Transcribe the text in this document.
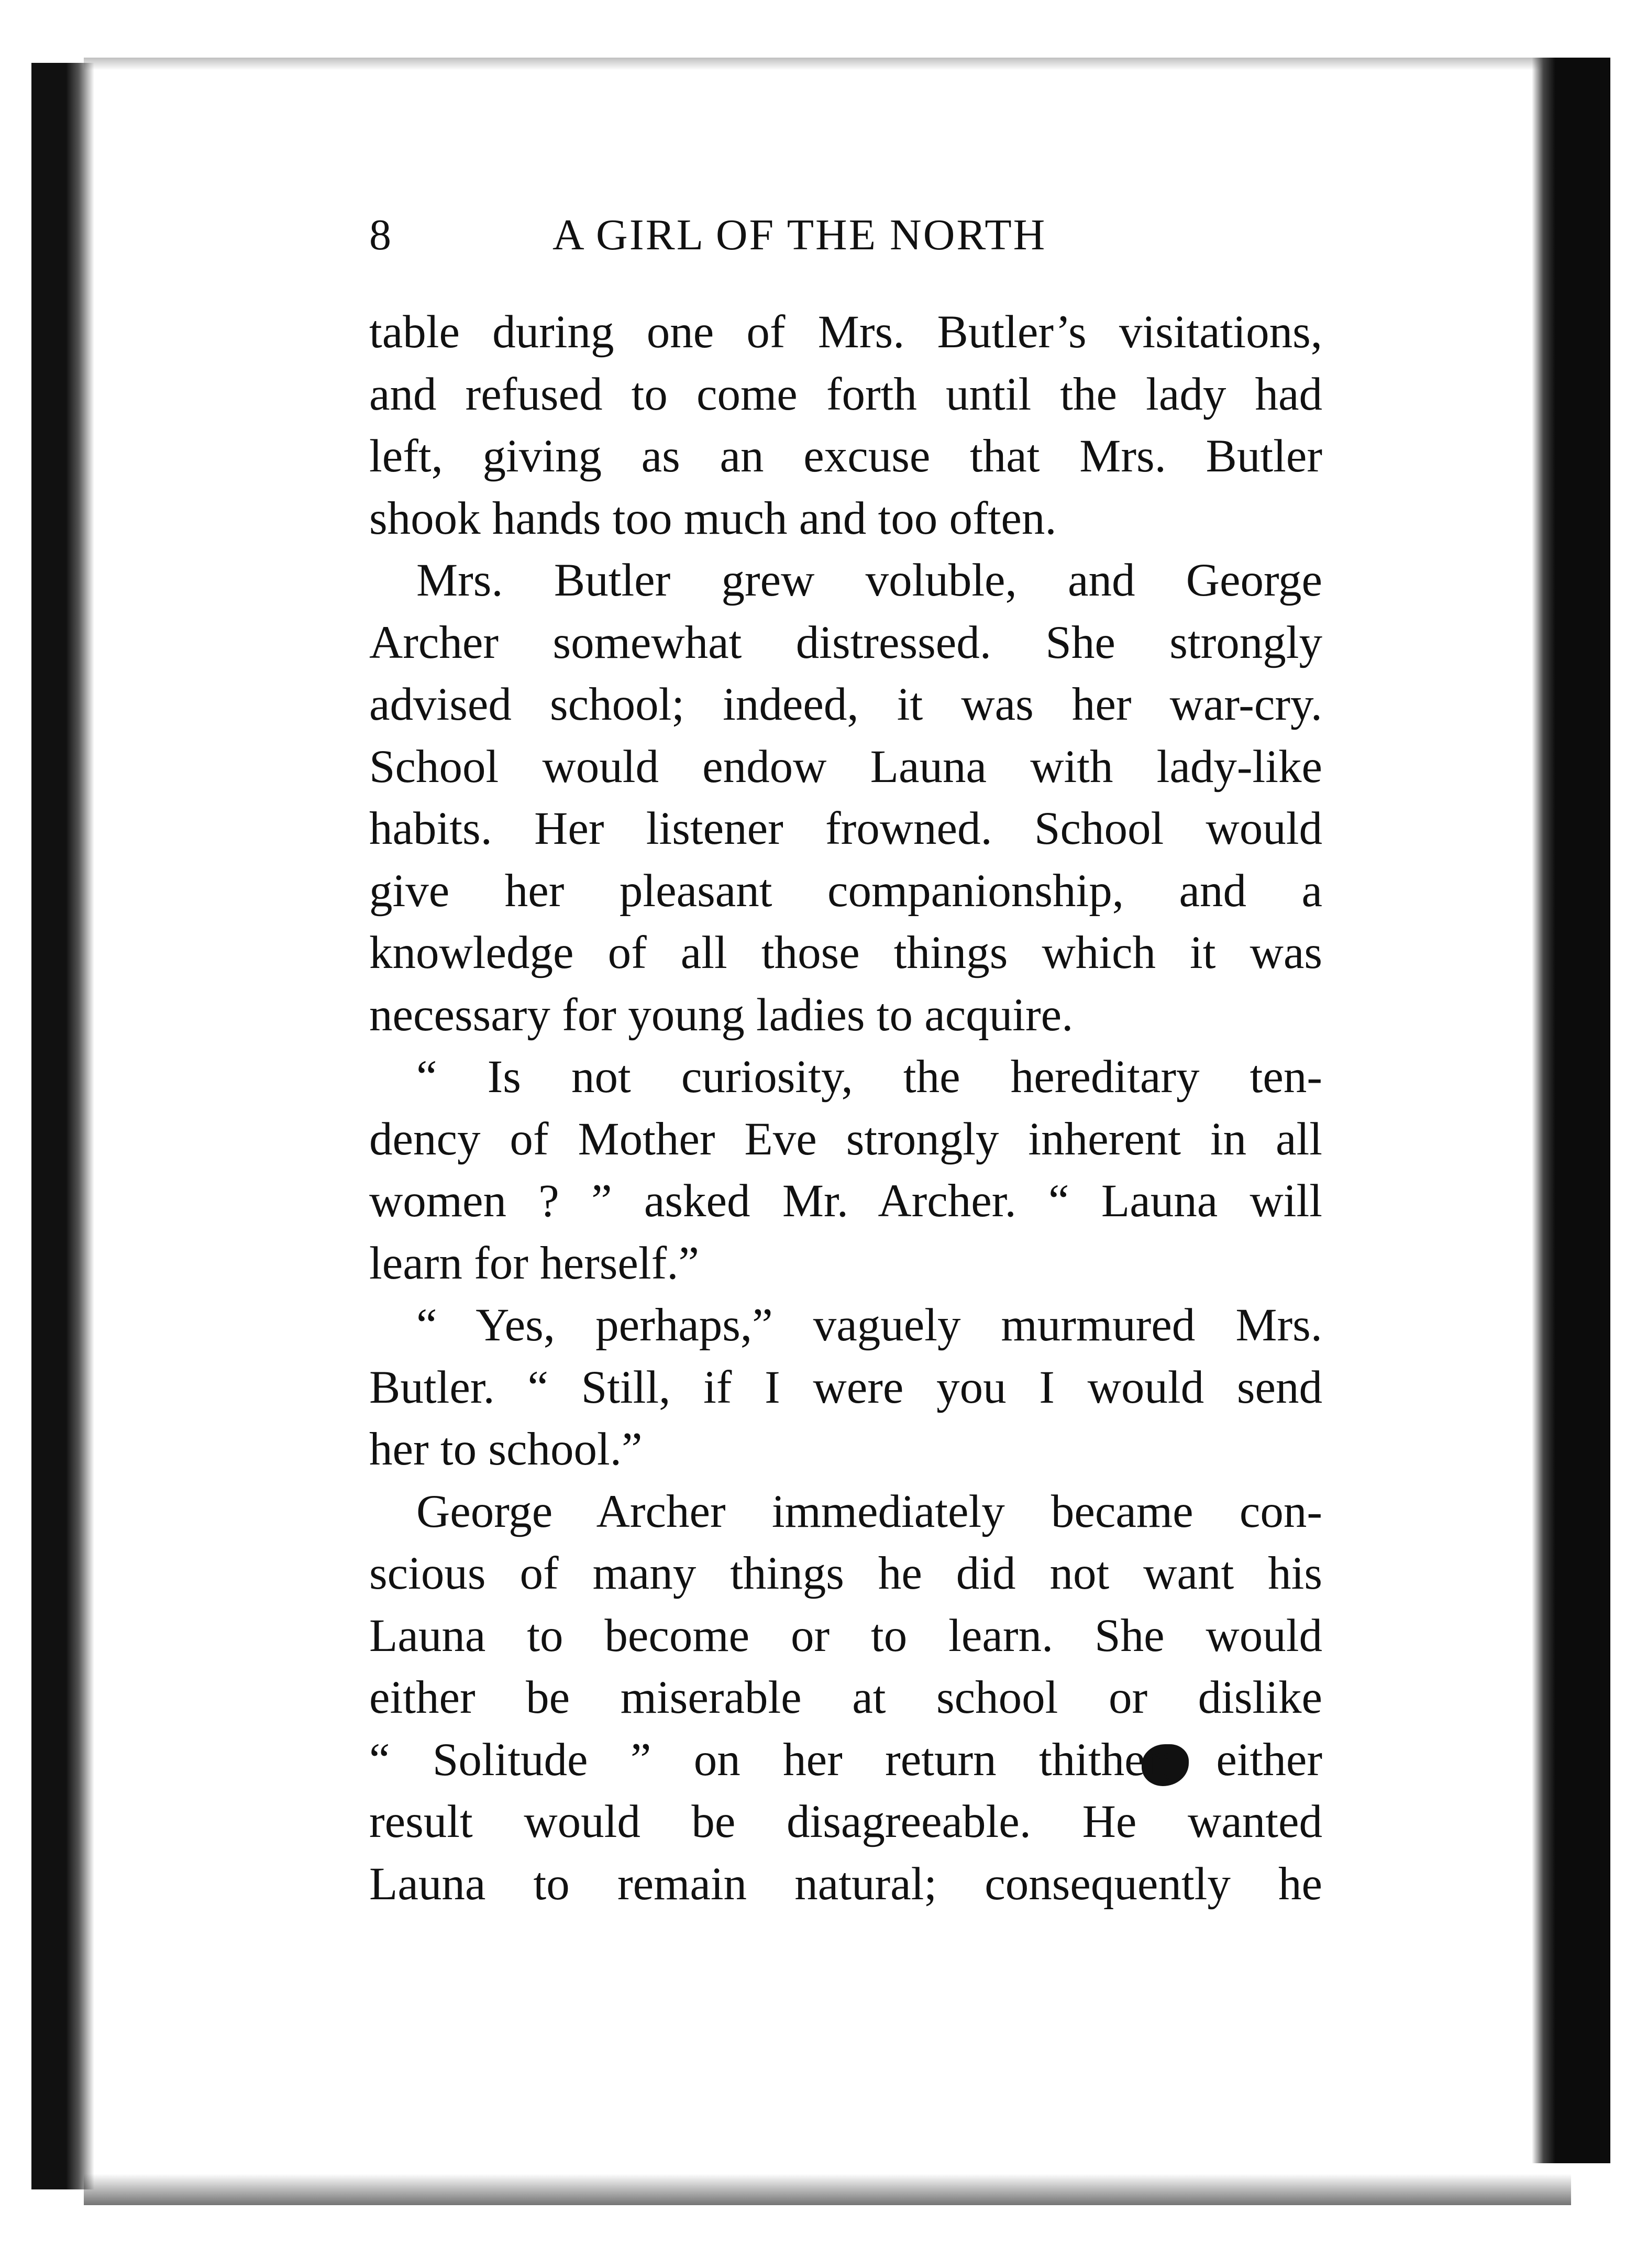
8	A GIRL OF THE NORTH
table during one of Mrs. Butler’s visitations,
and refused to come forth until the lady had
left, giving as an excuse that Mrs. Butler
shook hands too much and too often.
Mrs. Butler grew voluble, and George
Archer somewhat distressed. She strongly
advised school; indeed, it was her war-cry.
School would endow Launa with lady-like
habits. Her listener frowned. School would
give her pleasant companionship, and a
knowledge of all those things which it was
necessary for young ladies to acquire.
“ Is not curiosity, the hereditary ten-
dency of Mother Eve strongly inherent in all
women ? ” asked Mr. Archer. “ Launa will
learn for herself.”
“ Yes, perhaps,” vaguely murmured Mrs.
Butler. “ Still, if I were you I would send
her to school.”
George Archer immediately became con-
scious of many things he did not want his
Launa to become or to learn. She would
either be miserable at school or dislike
“ Solitude ” on her return thither; either
result would be disagreeable. He wanted
Launa to remain natural; consequently he
